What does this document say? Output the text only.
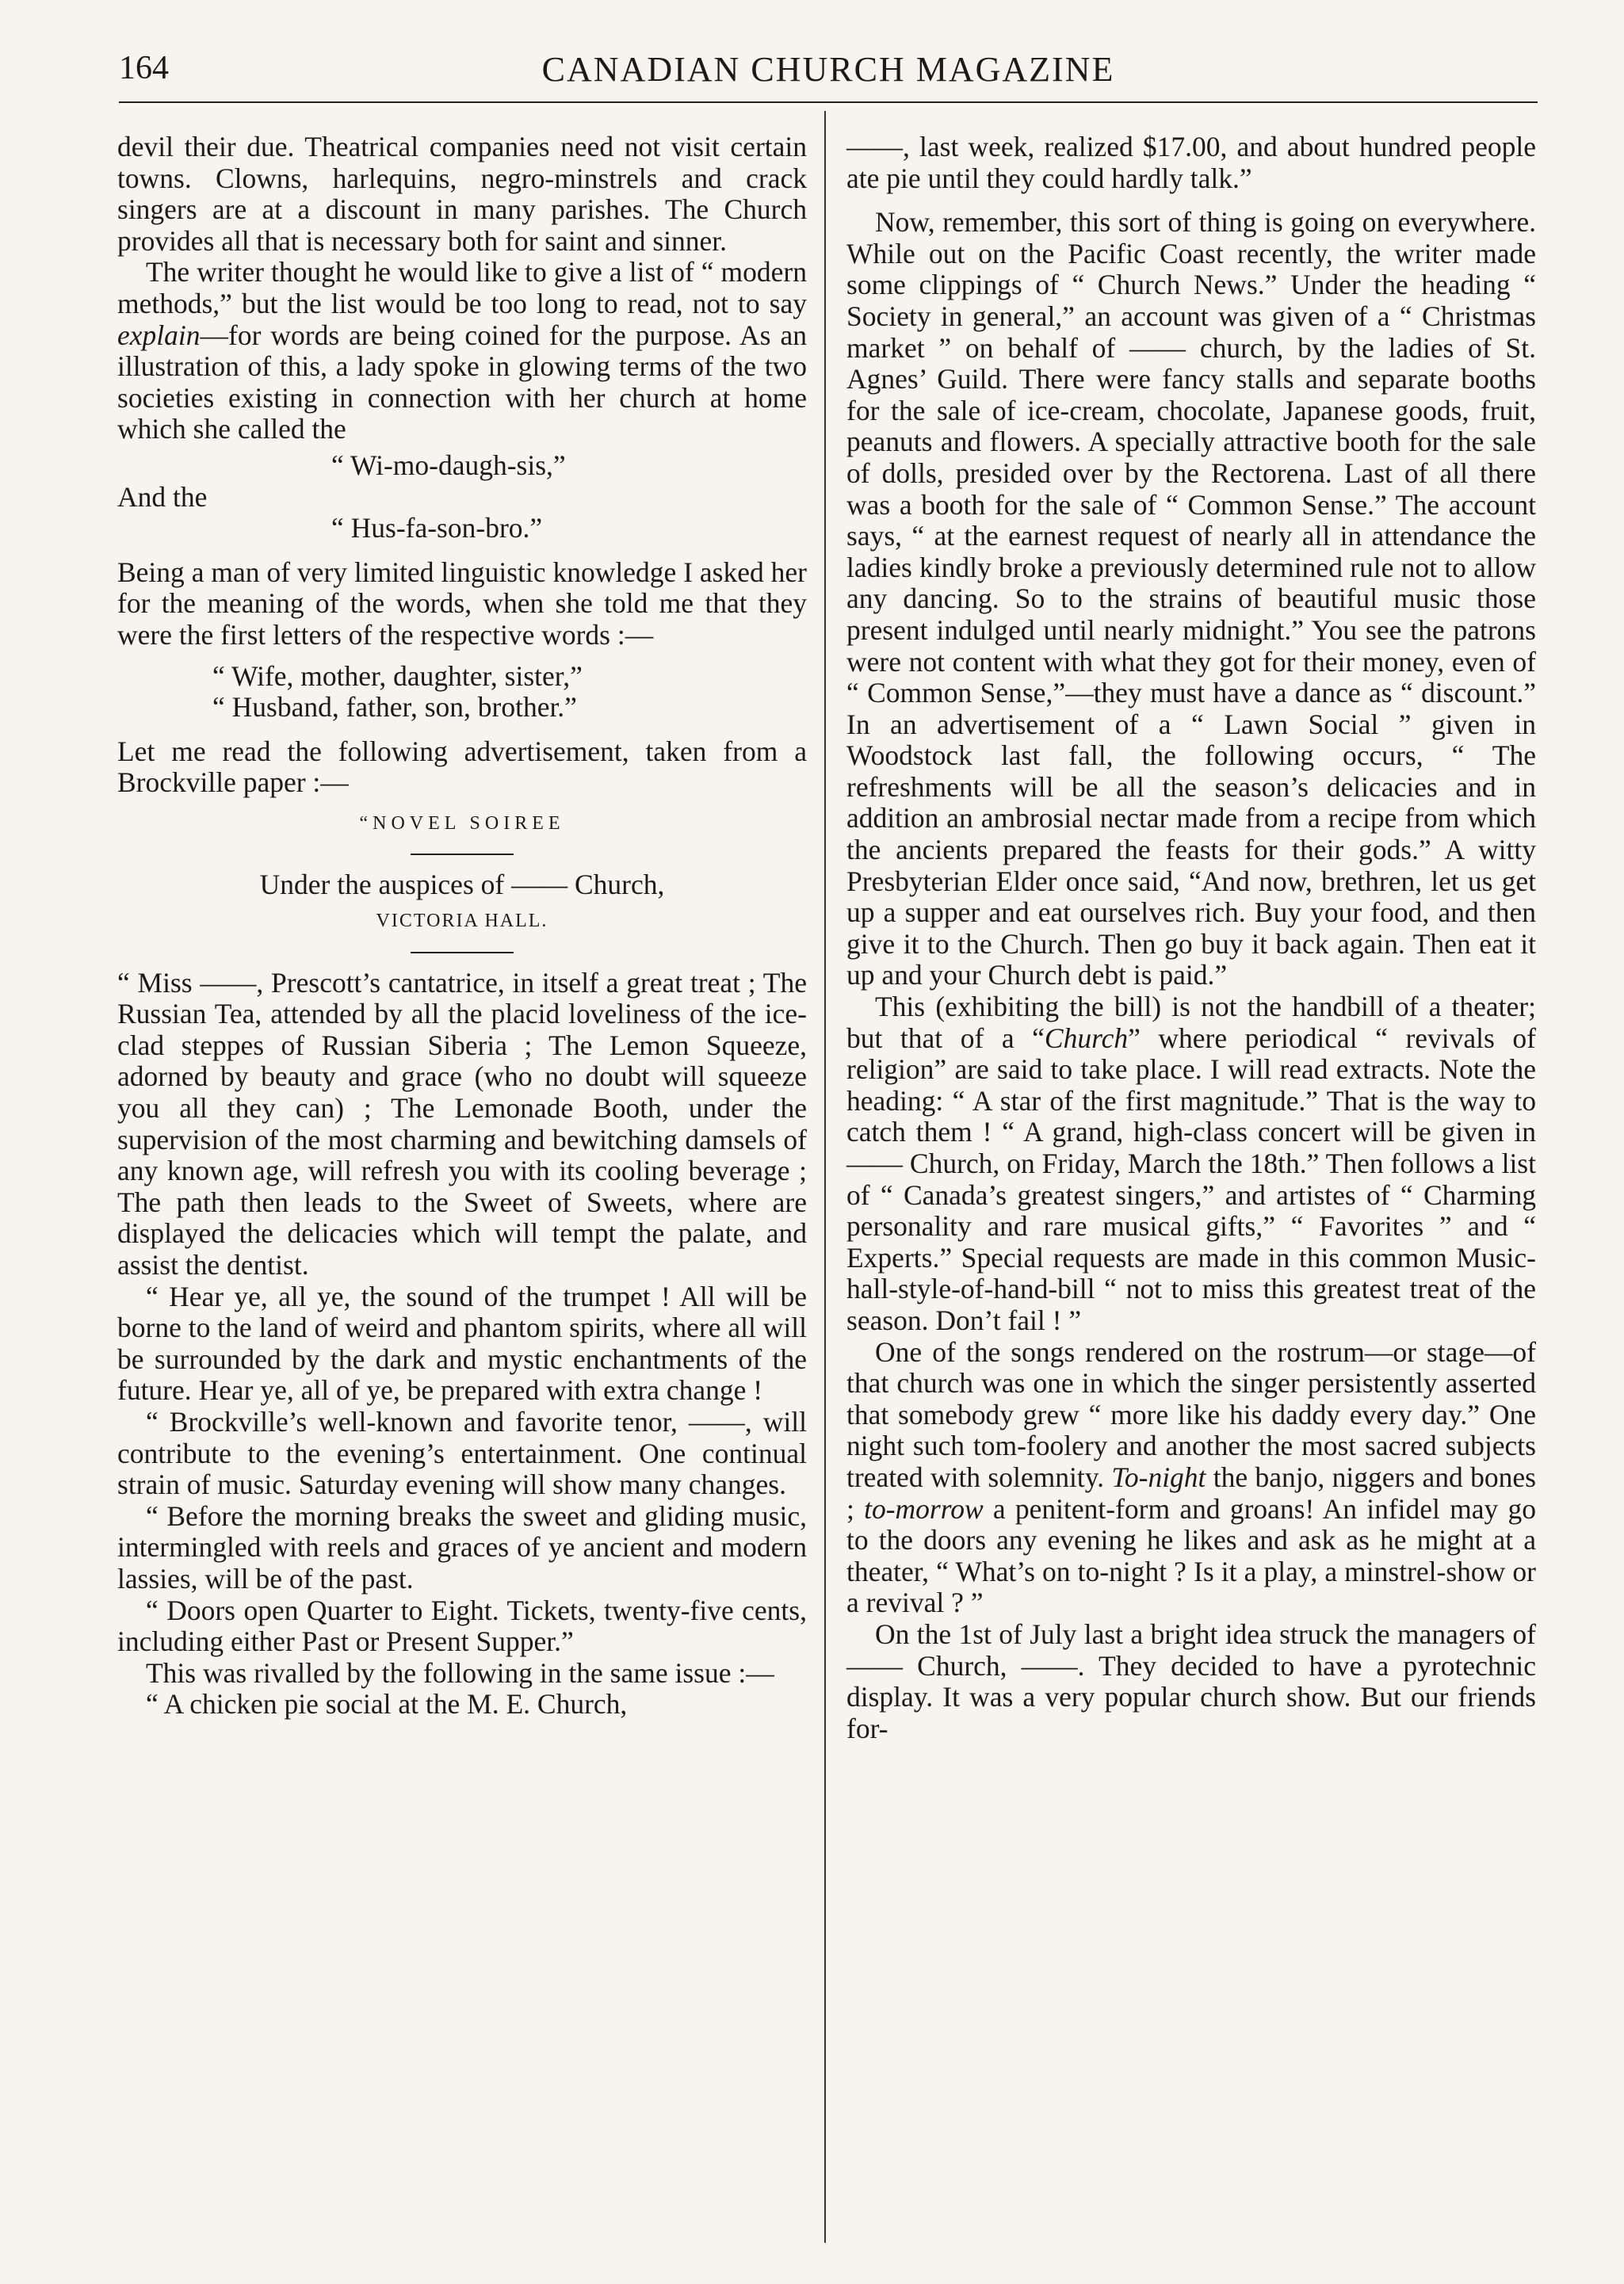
164	CANADIAN CHURCH MAGAZINE

devil their due. Theatrical companies need not visit certain towns. Clowns, harlequins, negro-minstrels and crack singers are at a discount in many parishes. The Church provides all that is necessary both for saint and sinner.

The writer thought he would like to give a list of “ modern methods,” but the list would be too long to read, not to say explain—for words are being coined for the purpose. As an illustration of this, a lady spoke in glowing terms of the two societies existing in connection with her church at home which she called the

“ Wi-mo-daugh-sis,”

And the

“ Hus-fa-son-bro.”

Being a man of very limited linguistic knowledge I asked her for the meaning of the words, when she told me that they were the first letters of the respective words :—

“ Wife, mother, daughter, sister,”

“ Husband, father, son, brother.”

Let me read the following advertisement, taken from a Brockville paper :—

“NOVEL SOIREE

Under the auspices of —— Church,

VICTORIA HALL.

“ Miss ——, Prescott’s cantatrice, in itself a great treat ; The Russian Tea, attended by all the placid loveliness of the ice-clad steppes of Russian Siberia ; The Lemon Squeeze, adorned by beauty and grace (who no doubt will squeeze you all they can) ; The Lemonade Booth, under the supervision of the most charming and bewitching damsels of any known age, will refresh you with its cooling beverage ; The path then leads to the Sweet of Sweets, where are displayed the delicacies which will tempt the palate, and assist the dentist.

“ Hear ye, all ye, the sound of the trumpet ! All will be borne to the land of weird and phantom spirits, where all will be surrounded by the dark and mystic enchantments of the future. Hear ye, all of ye, be prepared with extra change !

“ Brockville’s well-known and favorite tenor, ——, will contribute to the evening’s entertainment. One continual strain of music. Saturday evening will show many changes.

“ Before the morning breaks the sweet and gliding music, intermingled with reels and graces of ye ancient and modern lassies, will be of the past.

“ Doors open Quarter to Eight. Tickets, twenty-five cents, including either Past or Present Supper.”

This was rivalled by the following in the same issue :—

“ A chicken pie social at the M. E. Church,

——, last week, realized $17.00, and about hundred people ate pie until they could hardly talk.”

Now, remember, this sort of thing is going on everywhere. While out on the Pacific Coast recently, the writer made some clippings of “ Church News.” Under the heading “ Society in general,” an account was given of a “ Christmas market ” on behalf of —— church, by the ladies of St. Agnes’ Guild. There were fancy stalls and separate booths for the sale of ice-cream, chocolate, Japanese goods, fruit, peanuts and flowers. A specially attractive booth for the sale of dolls, presided over by the Rectorena. Last of all there was a booth for the sale of “ Common Sense.” The account says, “ at the earnest request of nearly all in attendance the ladies kindly broke a previously determined rule not to allow any dancing. So to the strains of beautiful music those present indulged until nearly midnight.” You see the patrons were not content with what they got for their money, even of “ Common Sense,”—they must have a dance as “ discount.” In an advertisement of a “ Lawn Social ” given in Woodstock last fall, the following occurs, “ The refreshments will be all the season’s delicacies and in addition an ambrosial nectar made from a recipe from which the ancients prepared the feasts for their gods.” A witty Presbyterian Elder once said, “And now, brethren, let us get up a supper and eat ourselves rich. Buy your food, and then give it to the Church. Then go buy it back again. Then eat it up and your Church debt is paid.”

This (exhibiting the bill) is not the handbill of a theater; but that of a “Church” where periodical “ revivals of religion” are said to take place. I will read extracts. Note the heading: “ A star of the first magnitude.” That is the way to catch them ! “ A grand, high-class concert will be given in —— Church, on Friday, March the 18th.” Then follows a list of “ Canada’s greatest singers,” and artistes of “ Charming personality and rare musical gifts,” “ Favorites ” and “ Experts.” Special requests are made in this common Music-hall-style-of-hand-bill “ not to miss this greatest treat of the season. Don’t fail ! ”

One of the songs rendered on the rostrum—or stage—of that church was one in which the singer persistently asserted that somebody grew “ more like his daddy every day.” One night such tom-foolery and another the most sacred subjects treated with solemnity. To-night the banjo, niggers and bones ; to-morrow a penitent-form and groans! An infidel may go to the doors any evening he likes and ask as he might at a theater, “ What’s on to-night ? Is it a play, a minstrel-show or a revival ? ”

On the 1st of July last a bright idea struck the managers of —— Church, ——. They decided to have a pyrotechnic display. It was a very popular church show. But our friends for-
